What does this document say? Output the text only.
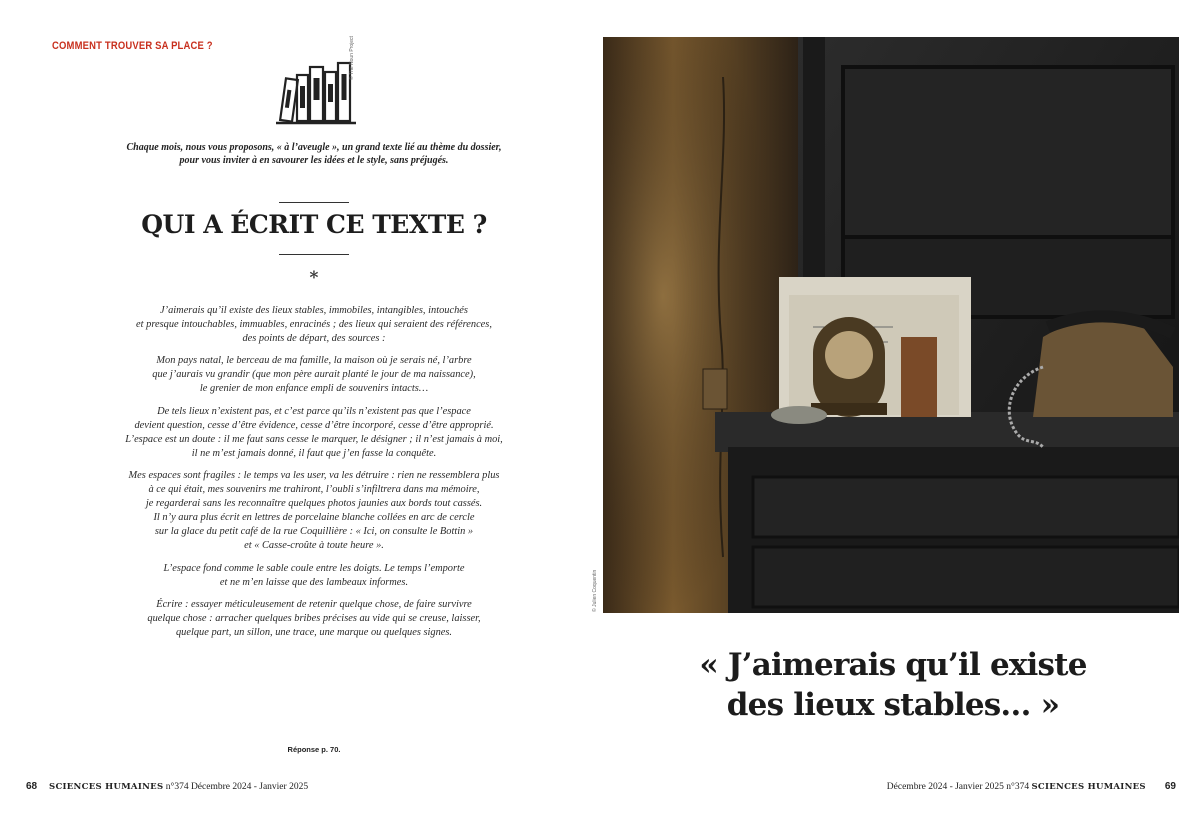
COMMENT TROUVER SA PLACE ?	© The Noun Project
Chaque mois, nous vous proposons, « à l’aveugle », un grand texte lié au thème du dossier,
pour vous inviter à en savourer les idées et le style, sans préjugés.
QUI A ÉCRIT CE TEXTE ?
*

J’aimerais qu’il existe des lieux stables, immobiles, intangibles, intouchés
et presque intouchables, immuables, enracinés ; des lieux qui seraient des références,
des points de départ, des sources :

Mon pays natal, le berceau de ma famille, la maison où je serais né, l’arbre
que j’aurais vu grandir (que mon père aurait planté le jour de ma naissance),
le grenier de mon enfance empli de souvenirs intacts…

De tels lieux n’existent pas, et c’est parce qu’ils n’existent pas que l’espace
devient question, cesse d’être évidence, cesse d’être incorporé, cesse d’être approprié.
L’espace est un doute : il me faut sans cesse le marquer, le désigner ; il n’est jamais à moi,
il ne m’est jamais donné, il faut que j’en fasse la conquête.

Mes espaces sont fragiles : le temps va les user, va les détruire : rien ne ressemblera plus
à ce qui était, mes souvenirs me trahiront, l’oubli s’infiltrera dans ma mémoire,
je regarderai sans les reconnaître quelques photos jaunies aux bords tout cassés.
Il n’y aura plus écrit en lettres de porcelaine blanche collées en arc de cercle
sur la glace du petit café de la rue Coquillière : « Ici, on consulte le Bottin »
et « Casse-croûte à toute heure ».

L’espace fond comme le sable coule entre les doigts. Le temps l’emporte
et ne m’en laisse que des lambeaux informes.

Écrire : essayer méticuleusement de retenir quelque chose, de faire survivre
quelque chose : arracher quelques bribes précises au vide qui se creuse, laisser,
quelque part, un sillon, une trace, une marque ou quelques signes.

Réponse p. 70.
68 SCIENCES HUMAINES n°374 Décembre 2024 - Janvier 2025
© Julien Coquentin
« J’aimerais qu’il existe
des lieux stables… »
Décembre 2024 - Janvier 2025 n°374 SCIENCES HUMAINES 69
